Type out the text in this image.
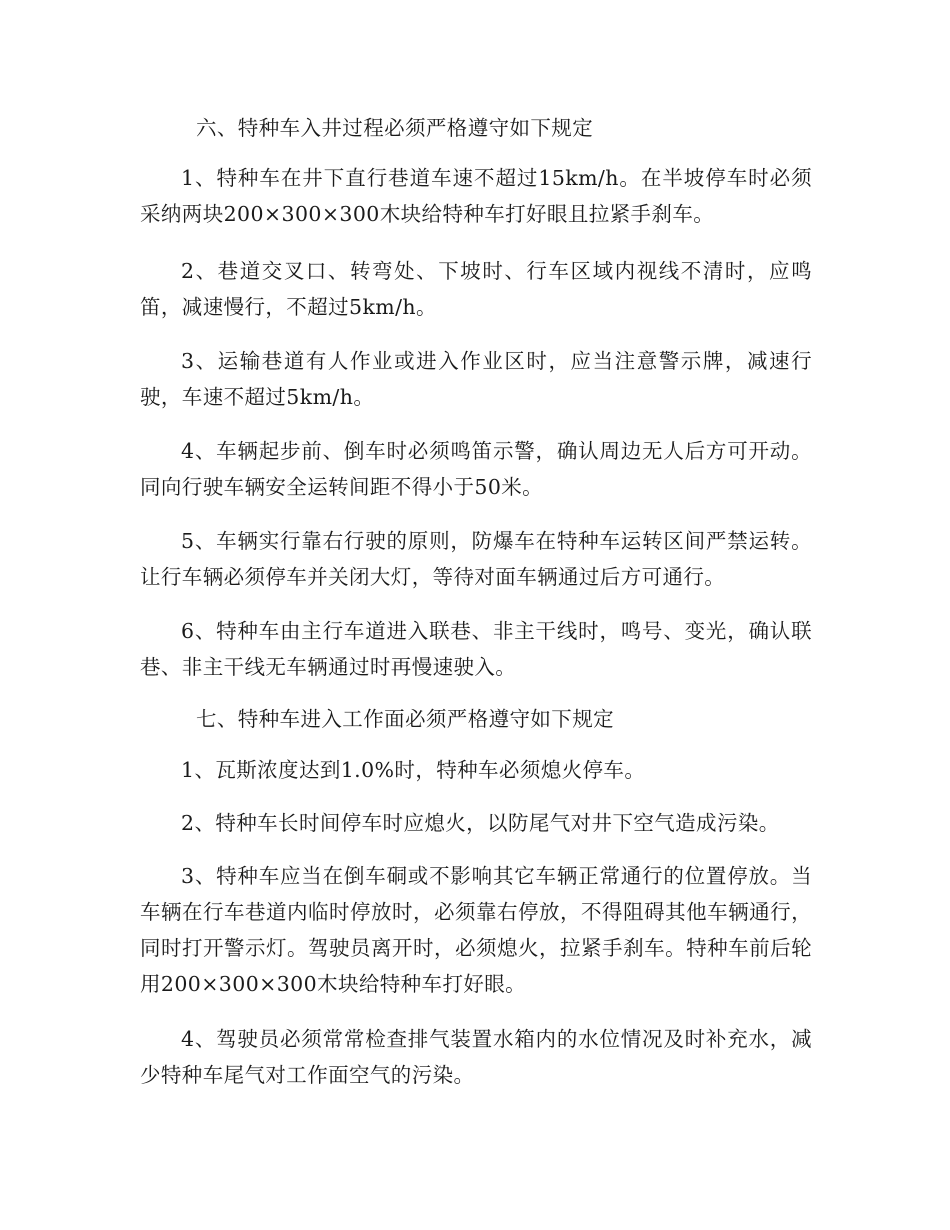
六、特种车入井过程必须严格遵守如下规定

1、特种车在井下直行巷道车速不超过15km/h。在半坡停车时必须采纳两块200×300×300木块给特种车打好眼且拉紧手刹车。

2、巷道交叉口、转弯处、下坡时、行车区域内视线不清时，应鸣笛，减速慢行，不超过5km/h。

3、运输巷道有人作业或进入作业区时，应当注意警示牌，减速行驶，车速不超过5km/h。

4、车辆起步前、倒车时必须鸣笛示警，确认周边无人后方可开动。同向行驶车辆安全运转间距不得小于50米。

5、车辆实行靠右行驶的原则，防爆车在特种车运转区间严禁运转。让行车辆必须停车并关闭大灯，等待对面车辆通过后方可通行。

6、特种车由主行车道进入联巷、非主干线时，鸣号、变光，确认联巷、非主干线无车辆通过时再慢速驶入。

七、特种车进入工作面必须严格遵守如下规定

1、瓦斯浓度达到1.0%时，特种车必须熄火停车。

2、特种车长时间停车时应熄火，以防尾气对井下空气造成污染。

3、特种车应当在倒车硐或不影响其它车辆正常通行的位置停放。当车辆在行车巷道内临时停放时，必须靠右停放，不得阻碍其他车辆通行，同时打开警示灯。驾驶员离开时，必须熄火，拉紧手刹车。特种车前后轮用200×300×300木块给特种车打好眼。

4、驾驶员必须常常检查排气装置水箱内的水位情况及时补充水，减少特种车尾气对工作面空气的污染。
